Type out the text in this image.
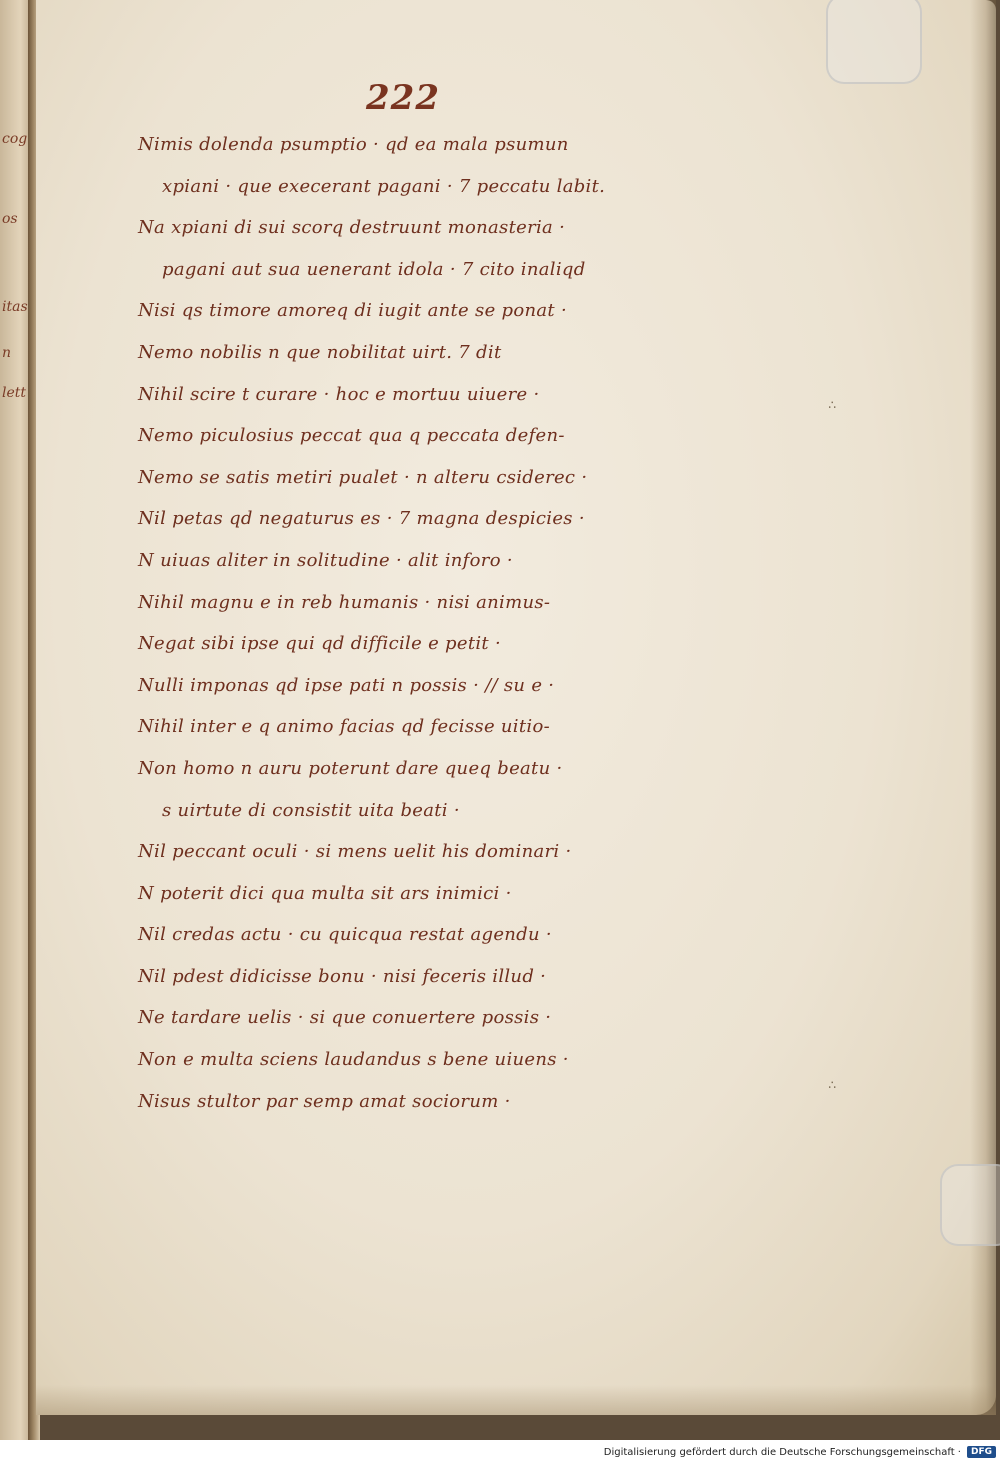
cog
os
itas
n
lett
222
Nimis dolenda psumptio · qd ea mala psumun
xpiani · que execerant pagani · 7 peccatu labit.
Na xpiani di sui scorq destruunt monasteria ·
pagani aut sua uenerant idola · 7 cito inaliqd
Nisi qs timore amoreq di iugit ante se ponat ·
Nemo nobilis n que nobilitat uirt. 7 dit
Nihil scire t curare · hoc e mortuu uiuere ·
Nemo piculosius peccat qua q peccata defen-
Nemo se satis metiri pualet · n alteru csiderec ·
Nil petas qd negaturus es · 7 magna despicies ·
N uiuas aliter in solitudine · alit inforo ·
Nihil magnu e in reb humanis · nisi animus-
Negat sibi ipse qui qd difficile e petit ·
Nulli imponas qd ipse pati n possis · // su e ·
Nihil inter e q animo facias qd fecisse uitio-
Non homo n auru poterunt dare queq beatu ·
s uirtute di consistit uita beati ·
Nil peccant oculi · si mens uelit his dominari ·
N poterit dici qua multa sit ars inimici ·
Nil credas actu · cu quicqua restat agendu ·
Nil pdest didicisse bonu · nisi feceris illud ·
Ne tardare uelis · si que conuertere possis ·
Non e multa sciens laudandus s bene uiuens ·
Nisus stultor par semp amat sociorum ·
∴
∴
Digitalisierung gefördert durch die Deutsche Forschungsgemeinschaft ·	DFG
